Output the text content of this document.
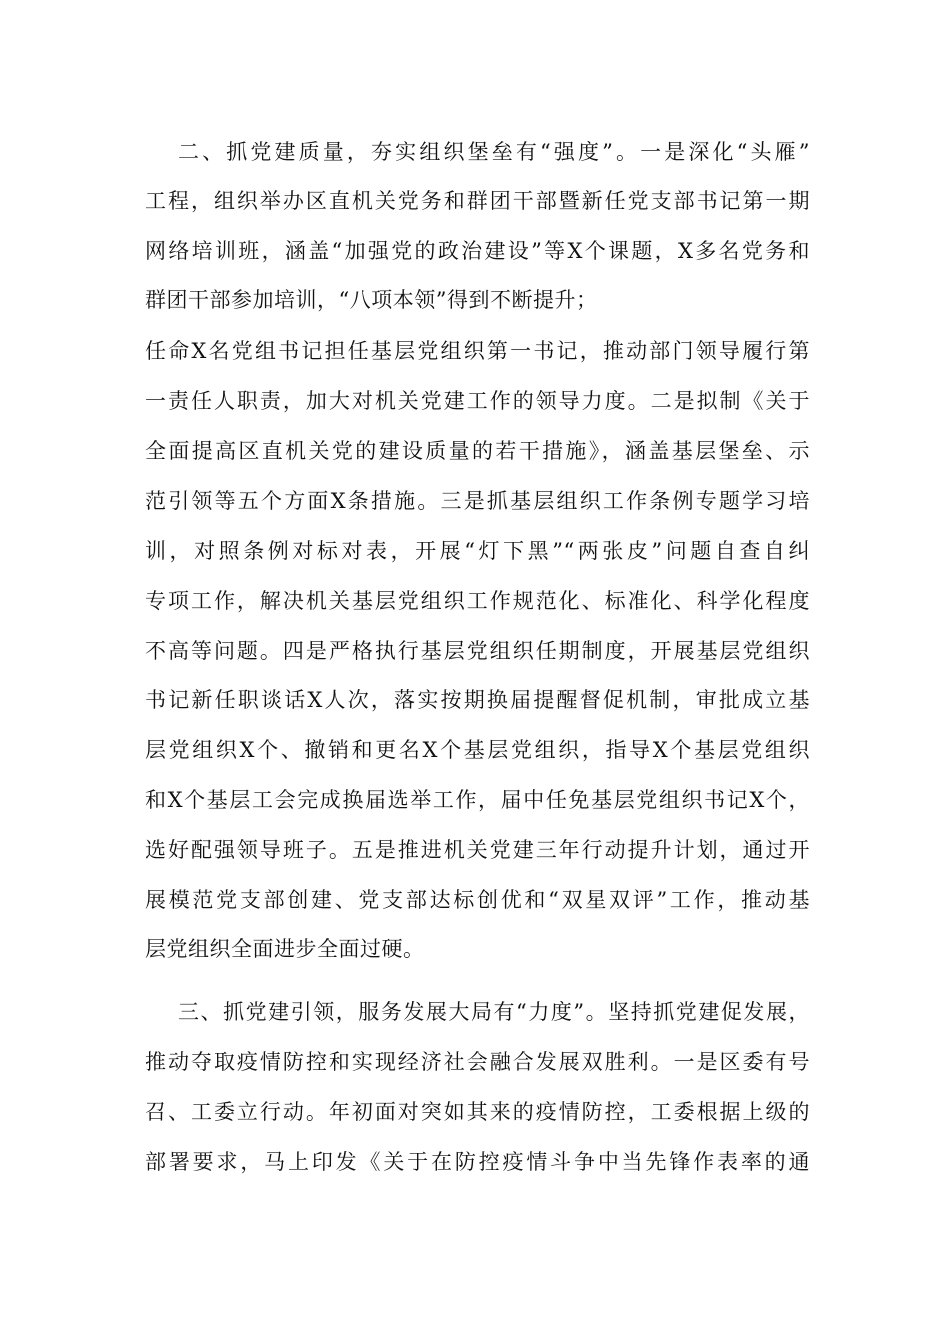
二、抓党建质量，夯实组织堡垒有“强度”。一是深化“头雁”
工程，组织举办区直机关党务和群团干部暨新任党支部书记第一期
网络培训班，涵盖“加强党的政治建设”等X个课题，X多名党务和
群团干部参加培训，“八项本领”得到不断提升；
任命X名党组书记担任基层党组织第一书记，推动部门领导履行第
一责任人职责，加大对机关党建工作的领导力度。二是拟制《关于
全面提高区直机关党的建设质量的若干措施》，涵盖基层堡垒、示
范引领等五个方面X条措施。三是抓基层组织工作条例专题学习培
训，对照条例对标对表，开展“灯下黑”“两张皮”问题自查自纠
专项工作，解决机关基层党组织工作规范化、标准化、科学化程度
不高等问题。四是严格执行基层党组织任期制度，开展基层党组织
书记新任职谈话X人次，落实按期换届提醒督促机制，审批成立基
层党组织X个、撤销和更名X个基层党组织，指导X个基层党组织
和X个基层工会完成换届选举工作，届中任免基层党组织书记X个，
选好配强领导班子。五是推进机关党建三年行动提升计划，通过开
展模范党支部创建、党支部达标创优和“双星双评”工作，推动基
层党组织全面进步全面过硬。
三、抓党建引领，服务发展大局有“力度”。坚持抓党建促发展，
推动夺取疫情防控和实现经济社会融合发展双胜利。一是区委有号
召、工委立行动。年初面对突如其来的疫情防控，工委根据上级的
部署要求，马上印发《关于在防控疫情斗争中当先锋作表率的通
